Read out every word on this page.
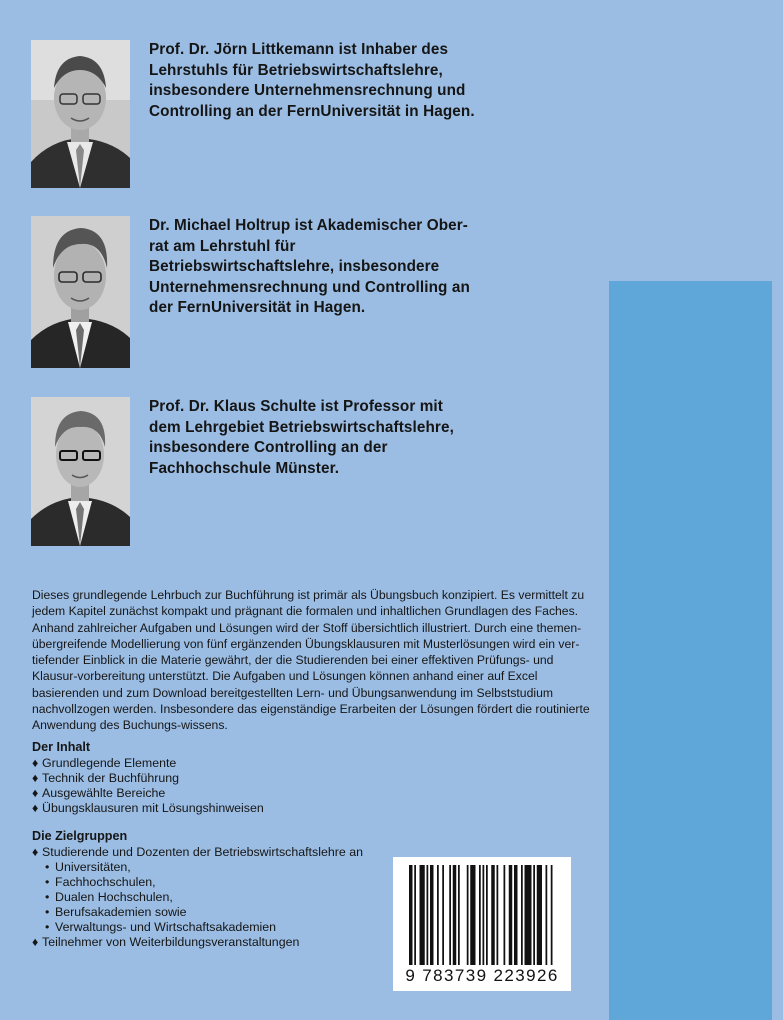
Prof. Dr. Jörn Littkemann ist Inhaber des Lehrstuhls für Betriebswirtschaftslehre, insbesondere Unternehmensrechnung und Controlling an der FernUniversität in Hagen.
Dr. Michael Holtrup ist Akademischer Ober-rat am Lehrstuhl für Betriebswirtschaftslehre, insbesondere Unternehmensrechnung und Controlling an der FernUniversität in Hagen.
Prof. Dr. Klaus Schulte ist Professor mit dem Lehrgebiet Betriebswirtschaftslehre, insbesondere Controlling an der Fachhochschule Münster.
Dieses grundlegende Lehrbuch zur Buchführung ist primär als Übungsbuch konzipiert. Es vermittelt zu jedem Kapitel zunächst kompakt und prägnant die formalen und inhaltlichen Grundlagen des Faches. Anhand zahlreicher Aufgaben und Lösungen wird der Stoff übersichtlich illustriert. Durch eine themen-übergreifende Modellierung von fünf ergänzenden Übungsklausuren mit Musterlösungen wird ein ver-tiefender Einblick in die Materie gewährt, der die Studierenden bei einer effektiven Prüfungs- und Klausur-vorbereitung unterstützt. Die Aufgaben und Lösungen können anhand einer auf Excel basierenden und zum Download bereitgestellten Lern- und Übungsanwendung im Selbststudium nachvollzogen werden. Insbesondere das eigenständige Erarbeiten der Lösungen fördert die routinierte Anwendung des Buchungs-wissens.
Der Inhalt
♦ Grundlegende Elemente
♦ Technik der Buchführung
♦ Ausgewählte Bereiche
♦ Übungsklausuren mit Lösungshinweisen
Die Zielgruppen
♦ Studierende und Dozenten der Betriebswirtschaftslehre an
• Universitäten,
• Fachhochschulen,
• Dualen Hochschulen,
• Berufsakademien sowie
• Verwaltungs- und Wirtschaftsakademien
♦ Teilnehmer von Weiterbildungsveranstaltungen
9 783739 223926
